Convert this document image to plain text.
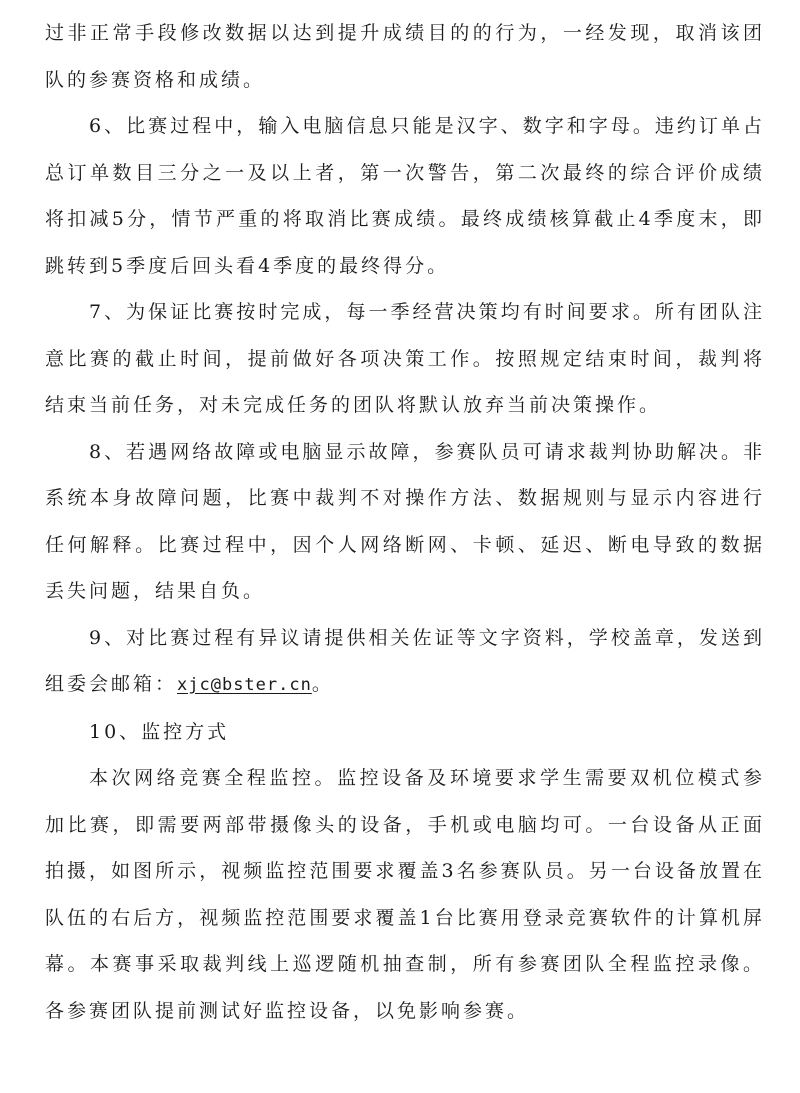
过非正常手段修改数据以达到提升成绩目的的行为，一经发现，取消该团队的参赛资格和成绩。

6、比赛过程中，输入电脑信息只能是汉字、数字和字母。违约订单占总订单数目三分之一及以上者，第一次警告，第二次最终的综合评价成绩将扣减5分，情节严重的将取消比赛成绩。最终成绩核算截止4季度末，即跳转到5季度后回头看4季度的最终得分。

7、为保证比赛按时完成，每一季经营决策均有时间要求。所有团队注意比赛的截止时间，提前做好各项决策工作。按照规定结束时间，裁判将结束当前任务，对未完成任务的团队将默认放弃当前决策操作。

8、若遇网络故障或电脑显示故障，参赛队员可请求裁判协助解决。非系统本身故障问题，比赛中裁判不对操作方法、数据规则与显示内容进行任何解释。比赛过程中，因个人网络断网、卡顿、延迟、断电导致的数据丢失问题，结果自负。

9、对比赛过程有异议请提供相关佐证等文字资料，学校盖章，发送到组委会邮箱：xjc@bster.cn。

10、监控方式

本次网络竞赛全程监控。监控设备及环境要求学生需要双机位模式参加比赛，即需要两部带摄像头的设备，手机或电脑均可。一台设备从正面拍摄，如图所示，视频监控范围要求覆盖3名参赛队员。另一台设备放置在队伍的右后方，视频监控范围要求覆盖1台比赛用登录竞赛软件的计算机屏幕。本赛事采取裁判线上巡逻随机抽查制，所有参赛团队全程监控录像。各参赛团队提前测试好监控设备，以免影响参赛。
